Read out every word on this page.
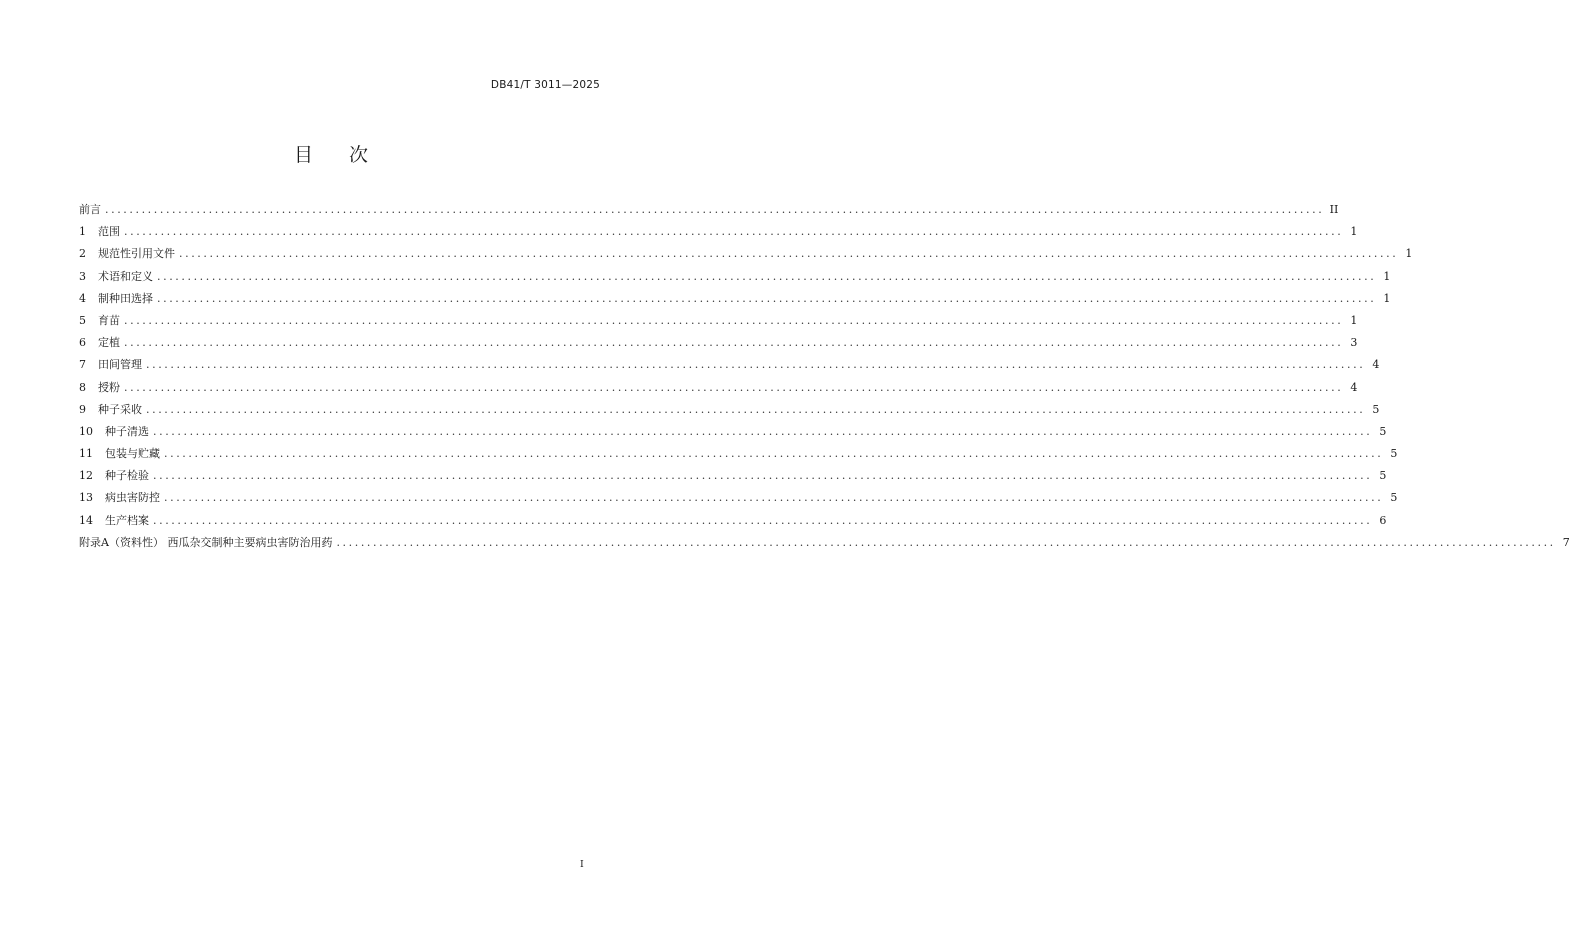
DB41/T 3011—2025
目 次
前言 ........................................................................................................................................................................................................ II
1	范围 ........................................................................................................................................................................................................ 1
2	规范性引用文件 ........................................................................................................................................................................................................ 1
3	术语和定义 ........................................................................................................................................................................................................ 1
4	制种田选择 ........................................................................................................................................................................................................ 1
5	育苗 ........................................................................................................................................................................................................ 1
6	定植 ........................................................................................................................................................................................................ 3
7	田间管理 ........................................................................................................................................................................................................ 4
8	授粉 ........................................................................................................................................................................................................ 4
9	种子采收 ........................................................................................................................................................................................................ 5
10	种子清选 ........................................................................................................................................................................................................ 5
11	包装与贮藏 ........................................................................................................................................................................................................ 5
12	种子检验 ........................................................................................................................................................................................................ 5
13	病虫害防控 ........................................................................................................................................................................................................ 5
14	生产档案 ........................................................................................................................................................................................................ 6
附录A（资料性） 西瓜杂交制种主要病虫害防治用药 ........................................................................................................................................................................................................ 7
I
